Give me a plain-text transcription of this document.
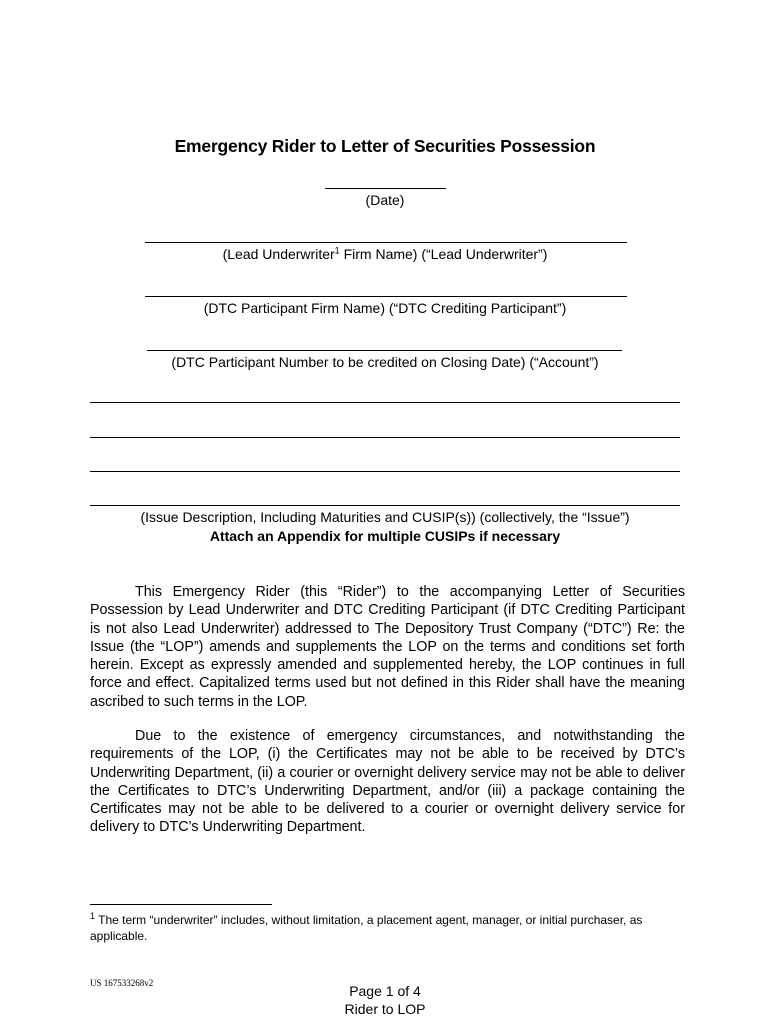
Emergency Rider to Letter of Securities Possession
(Date)
(Lead Underwriter$^1$ Firm Name) (“Lead Underwriter”)
(DTC Participant Firm Name) (“DTC Crediting Participant”)
(DTC Participant Number to be credited on Closing Date) (“Account”)
(Issue Description, Including Maturities and CUSIP(s)) (collectively, the “Issue”)
Attach an Appendix for multiple CUSIPs if necessary
This Emergency Rider (this “Rider”) to the accompanying Letter of Securities Possession by Lead Underwriter and DTC Crediting Participant (if DTC Crediting Participant is not also Lead Underwriter) addressed to The Depository Trust Company (“DTC”) Re: the Issue (the “LOP”) amends and supplements the LOP on the terms and conditions set forth herein. Except as expressly amended and supplemented hereby, the LOP continues in full force and effect. Capitalized terms used but not defined in this Rider shall have the meaning ascribed to such terms in the LOP.
Due to the existence of emergency circumstances, and notwithstanding the requirements of the LOP, (i) the Certificates may not be able to be received by DTC’s Underwriting Department, (ii) a courier or overnight delivery service may not be able to deliver the Certificates to DTC’s Underwriting Department, and/or (iii) a package containing the Certificates may not be able to be delivered to a courier or overnight delivery service for delivery to DTC’s Underwriting Department.
$^1$ The term “underwriter” includes, without limitation, a placement agent, manager, or initial purchaser, as applicable.
US 167533268v2	Page 1 of 4
Rider to LOP
